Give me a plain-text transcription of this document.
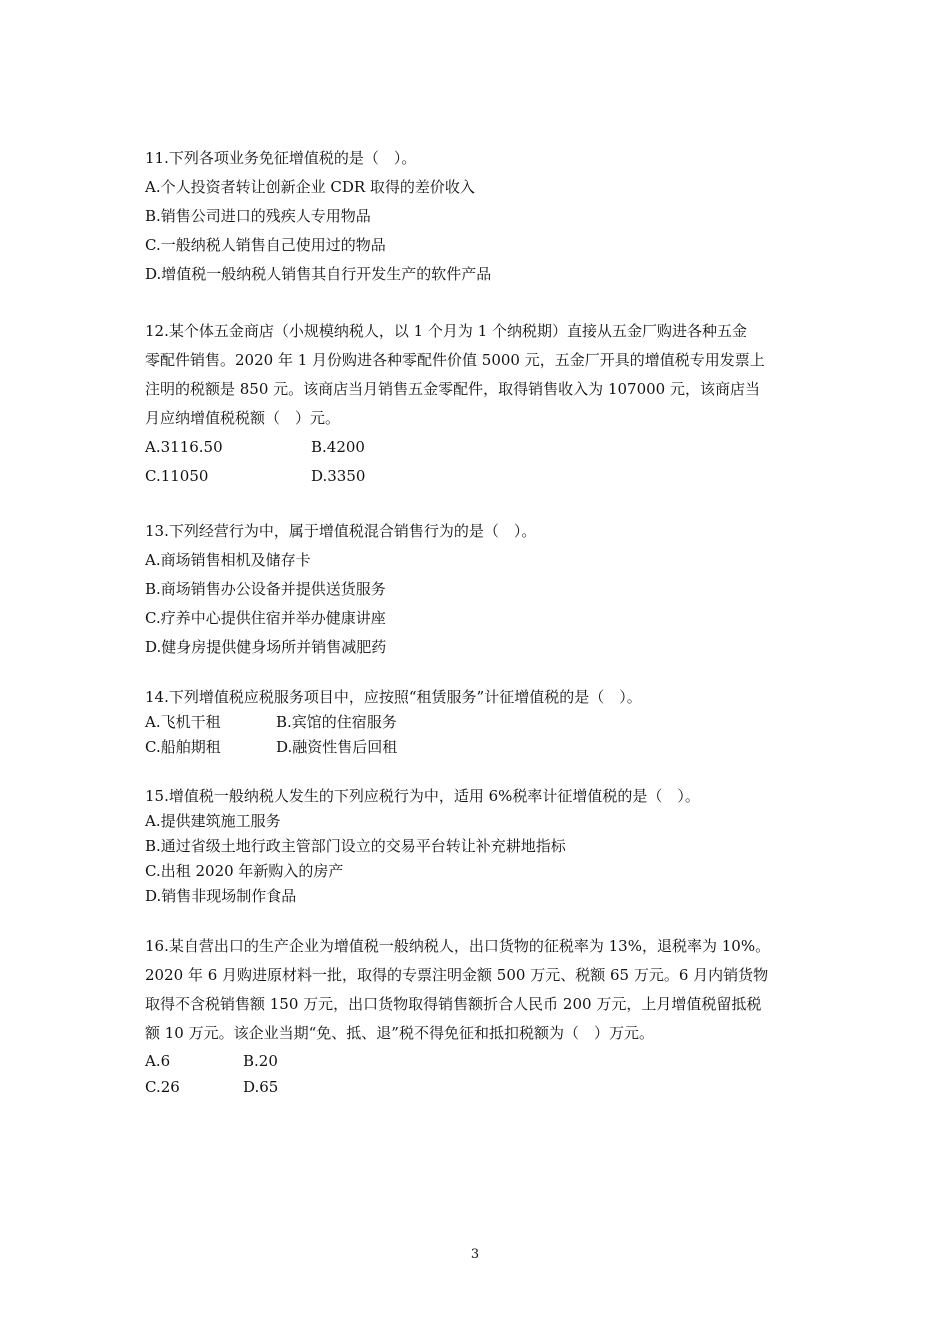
11.下列各项业务免征增值税的是（　）。
A.个人投资者转让创新企业 CDR 取得的差价收入
B.销售公司进口的残疾人专用物品
C.一般纳税人销售自己使用过的物品
D.增值税一般纳税人销售其自行开发生产的软件产品
12.某个体五金商店（小规模纳税人，以 1 个月为 1 个纳税期）直接从五金厂购进各种五金
零配件销售。2020 年 1 月份购进各种零配件价值 5000 元，五金厂开具的增值税专用发票上
注明的税额是 850 元。该商店当月销售五金零配件，取得销售收入为 107000 元，该商店当
月应纳增值税税额（　）元。
A.3116.50	B.4200
C.11050	D.3350
13.下列经营行为中，属于增值税混合销售行为的是（　）。
A.商场销售相机及储存卡
B.商场销售办公设备并提供送货服务
C.疗养中心提供住宿并举办健康讲座
D.健身房提供健身场所并销售减肥药
14.下列增值税应税服务项目中，应按照“租赁服务”计征增值税的是（　）。
A.飞机干租	B.宾馆的住宿服务
C.船舶期租	D.融资性售后回租
15.增值税一般纳税人发生的下列应税行为中，适用 6%税率计征增值税的是（　）。
A.提供建筑施工服务
B.通过省级土地行政主管部门设立的交易平台转让补充耕地指标
C.出租 2020 年新购入的房产
D.销售非现场制作食品
16.某自营出口的生产企业为增值税一般纳税人，出口货物的征税率为 13%，退税率为 10%。
2020 年 6 月购进原材料一批，取得的专票注明金额 500 万元、税额 65 万元。6 月内销货物
取得不含税销售额 150 万元，出口货物取得销售额折合人民币 200 万元，上月增值税留抵税
额 10 万元。该企业当期“免、抵、退”税不得免征和抵扣税额为（　）万元。
A.6	B.20
C.26	D.65
3
